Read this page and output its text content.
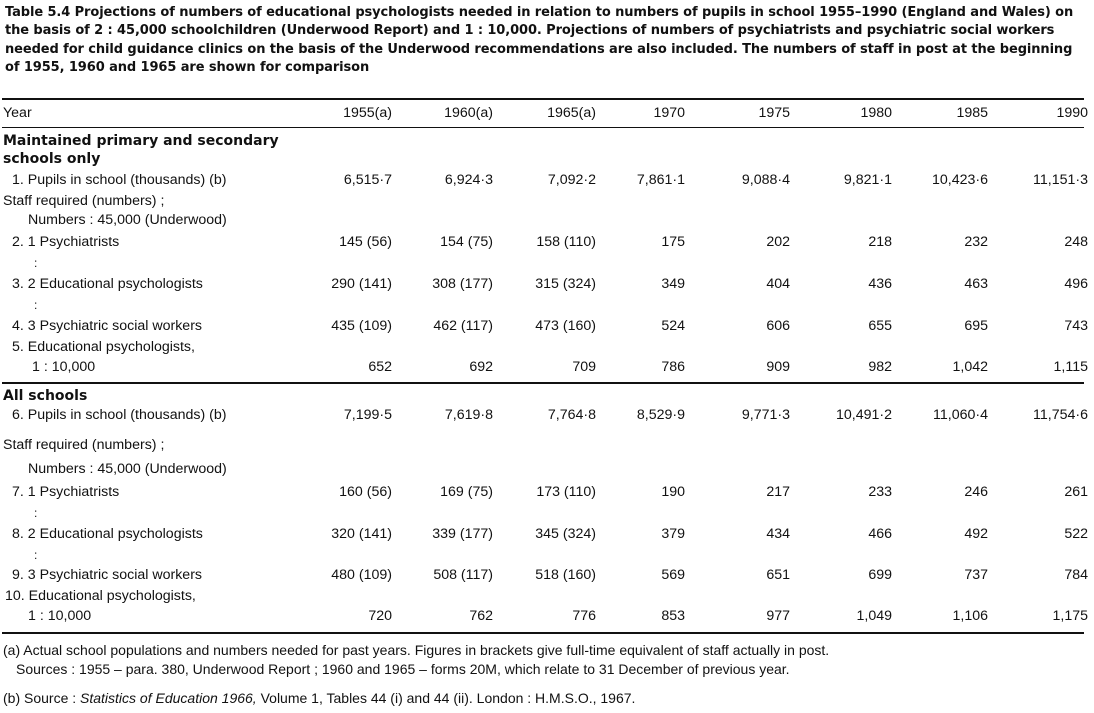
Table 5.4 Projections of numbers of educational psychologists needed in relation to numbers of pupils in school 1955–1990 (England and Wales) on the basis of 2 : 45,000 schoolchildren (Underwood Report) and 1 : 10,000. Projections of numbers of psychiatrists and psychiatric social workers needed for child guidance clinics on the basis of the Underwood recommendations are also included. The numbers of staff in post at the beginning of 1955, 1960 and 1965 are shown for comparison
Year	1955(a)	1960(a)	1965(a)	1970	1975	1980	1985	1990
Maintained primary and secondary
schools only
1. Pupils in school (thousands) (b)	6,515·7	6,924·3	7,092·2	7,861·1	9,088·4	9,821·1	10,423·6	11,151·3
Staff required (numbers) ;
Numbers : 45,000 (Underwood)
2. 1 Psychiatrists	145 (56)	154 (75)	158 (110)	175	202	218	232	248
:
3. 2 Educational psychologists	290 (141)	308 (177)	315 (324)	349	404	436	463	496
:
4. 3 Psychiatric social workers	435 (109)	462 (117)	473 (160)	524	606	655	695	743
5. Educational psychologists,
1 : 10,000	652	692	709	786	909	982	1,042	1,115
All schools
6. Pupils in school (thousands) (b)	7,199·5	7,619·8	7,764·8	8,529·9	9,771·3	10,491·2	11,060·4	11,754·6
Staff required (numbers) ;
Numbers : 45,000 (Underwood)
7. 1 Psychiatrists	160 (56)	169 (75)	173 (110)	190	217	233	246	261
:
8. 2 Educational psychologists	320 (141)	339 (177)	345 (324)	379	434	466	492	522
:
9. 3 Psychiatric social workers	480 (109)	508 (117)	518 (160)	569	651	699	737	784
10. Educational psychologists,
1 : 10,000	720	762	776	853	977	1,049	1,106	1,175
(a) Actual school populations and numbers needed for past years. Figures in brackets give full-time equivalent of staff actually in post.
Sources : 1955 – para. 380, Underwood Report ; 1960 and 1965 – forms 20M, which relate to 31 December of previous year.
(b) Source : Statistics of Education 1966, Volume 1, Tables 44 (i) and 44 (ii). London : H.M.S.O., 1967.
